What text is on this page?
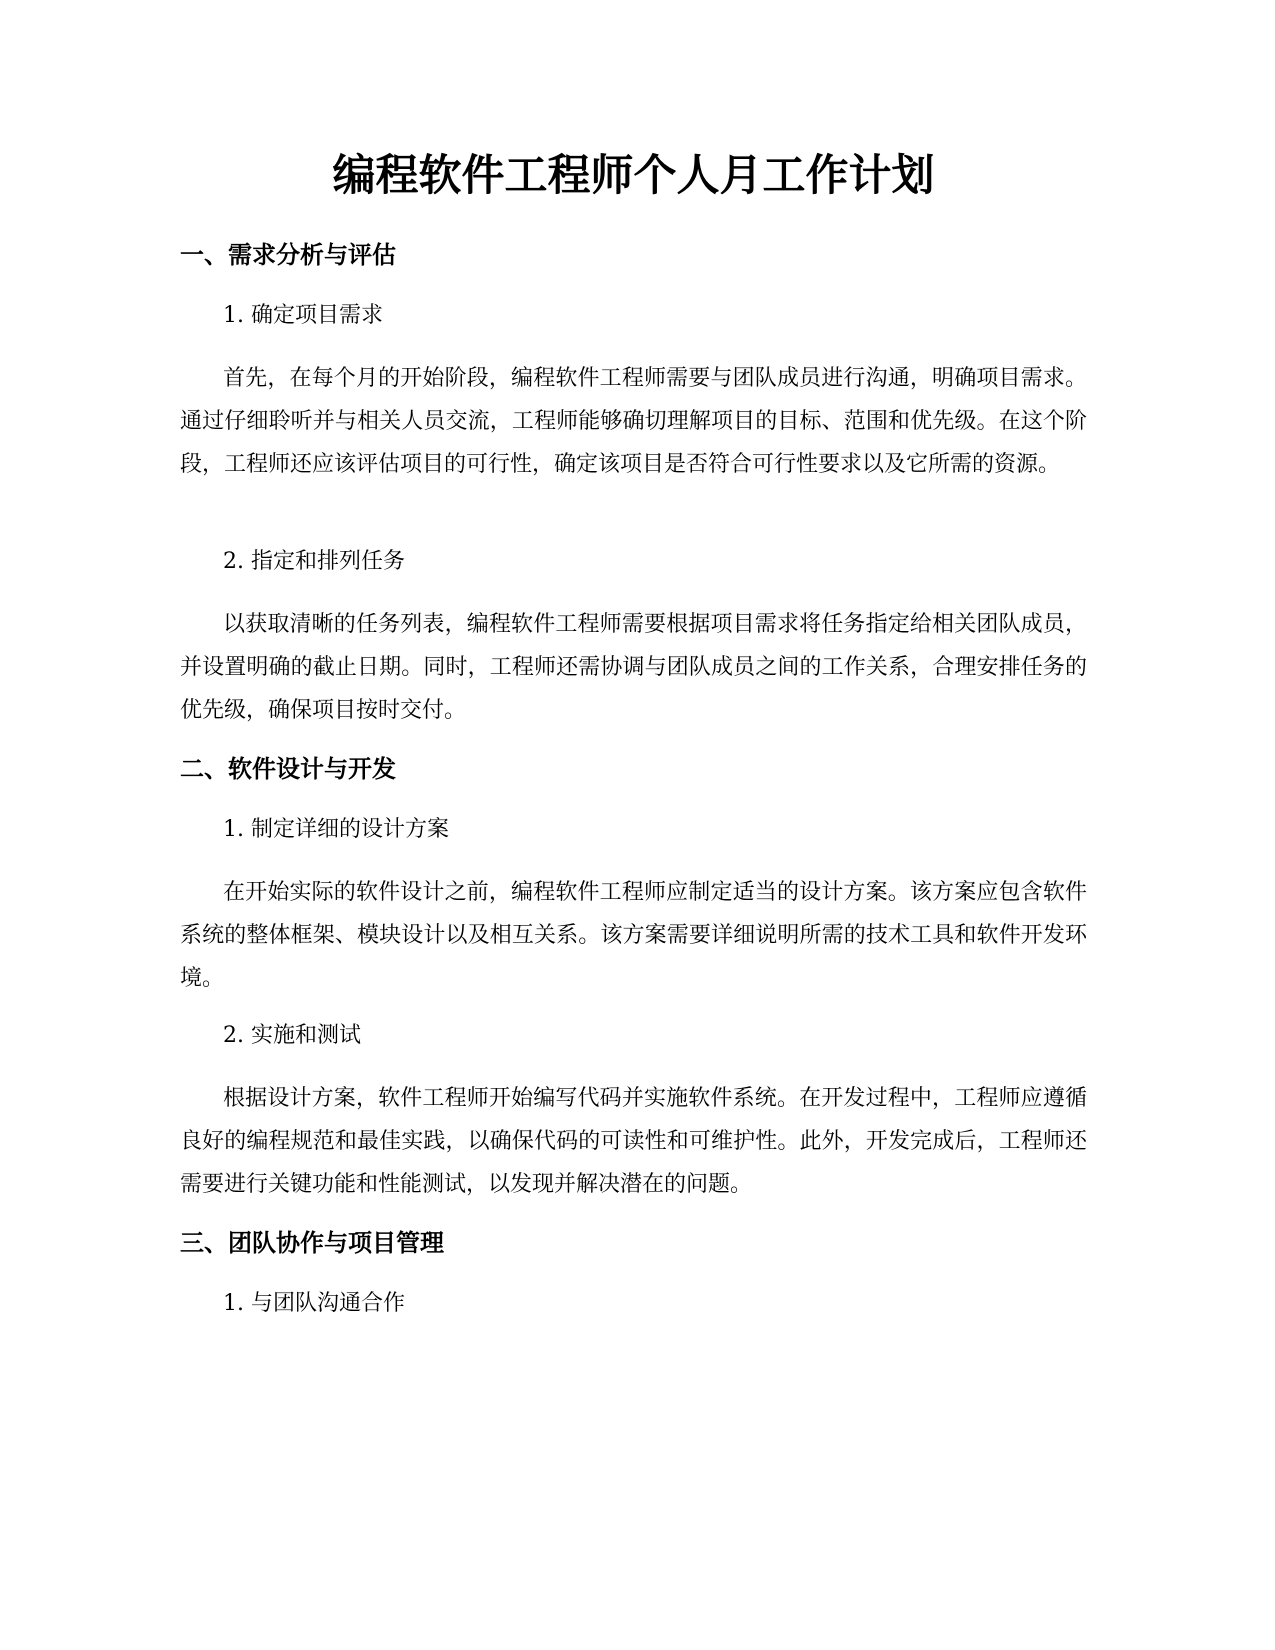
编程软件工程师个人月工作计划
一、需求分析与评估

1. 确定项目需求

首先，在每个月的开始阶段，编程软件工程师需要与团队成员进行沟通，明确项目需求。通过仔细聆听并与相关人员交流，工程师能够确切理解项目的目标、范围和优先级。在这个阶段，工程师还应该评估项目的可行性，确定该项目是否符合可行性要求以及它所需的资源。

2. 指定和排列任务

以获取清晰的任务列表，编程软件工程师需要根据项目需求将任务指定给相关团队成员，并设置明确的截止日期。同时，工程师还需协调与团队成员之间的工作关系，合理安排任务的优先级，确保项目按时交付。

二、软件设计与开发

1. 制定详细的设计方案

在开始实际的软件设计之前，编程软件工程师应制定适当的设计方案。该方案应包含软件系统的整体框架、模块设计以及相互关系。该方案需要详细说明所需的技术工具和软件开发环境。

2. 实施和测试

根据设计方案，软件工程师开始编写代码并实施软件系统。在开发过程中，工程师应遵循良好的编程规范和最佳实践，以确保代码的可读性和可维护性。此外，开发完成后，工程师还需要进行关键功能和性能测试，以发现并解决潜在的问题。

三、团队协作与项目管理

1. 与团队沟通合作
